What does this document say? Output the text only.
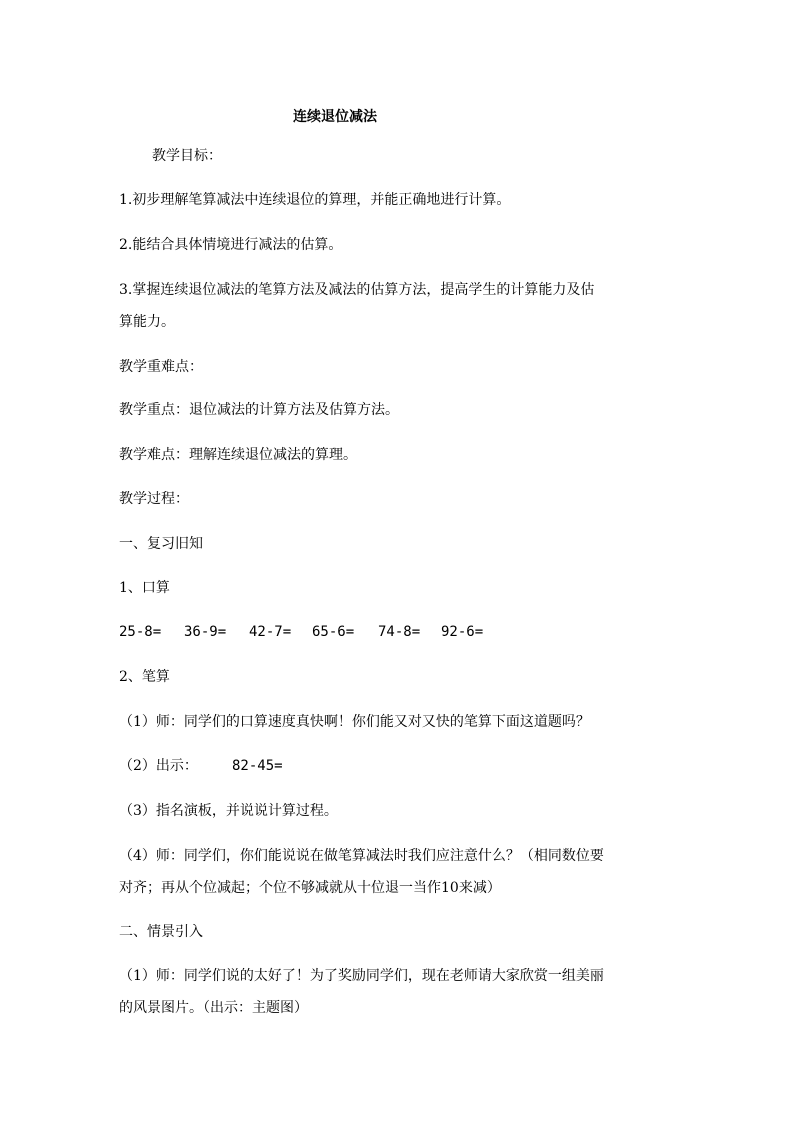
连续退位减法
教学目标：
1.初步理解笔算减法中连续退位的算理，并能正确地进行计算。
2.能结合具体情境进行减法的估算。
3.掌握连续退位减法的笔算方法及减法的估算方法，提高学生的计算能力及估
算能力。
教学重难点：
教学重点：退位减法的计算方法及估算方法。
教学难点：理解连续退位减法的算理。
教学过程：
一、复习旧知
1、口算
25-8= 36-9= 42-7= 65-6= 74-8= 92-6=
2、笔算
（1）师：同学们的口算速度真快啊！你们能又对又快的笔算下面这道题吗？
（2）出示： 82-45=
（3）指名演板，并说说计算过程。
（4）师：同学们，你们能说说在做笔算减法时我们应注意什么？（相同数位要
对齐；再从个位减起；个位不够减就从十位退一当作10来减）
二、情景引入
（1）师：同学们说的太好了！为了奖励同学们，现在老师请大家欣赏一组美丽
的风景图片。（出示：主题图）
